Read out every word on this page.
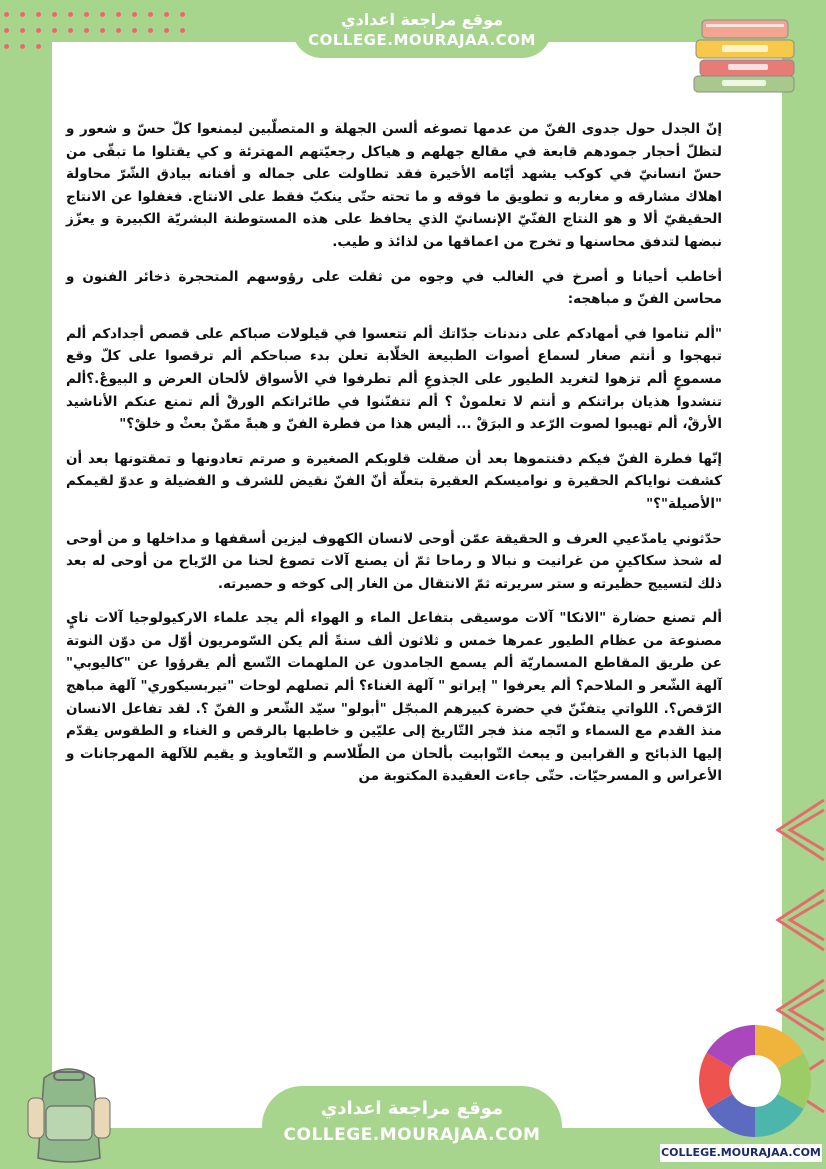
موقع مراجعة اعدادي
COLLEGE.MOURAJAA.COM

إنّ الجدل حول جدوى الفنّ من عدمها تصوغه ألسن الجهلة و المتصلّبين ليمنعوا كلّ حسّ و شعور و لتظلّ أحجار جمودهم قابعة في مقالع جهلهم و هياكل رجعيّتهم المهترئة و كي يقتلوا ما تبقّى من حسّ انسانيّ في كوكب يشهد أيّامه الأخيرة فقد تطاولت على جماله و أفنانه بيادق الشّرّ محاولة اهلاك مشارقه و مغاربه و تطويق ما فوقه و ما تحته حتّى ينكبّ فقط على الانتاج. فغفلوا عن الانتاج الحقيقيّ ألا و هو النتاج الفنّيّ الإنسانيّ الذي يحافظ على هذه المستوطنة البشريّة الكبيرة و يعزّز نبضها لتدفق محاسنها و تخرج من اعماقها من لذائذ و طيب.

أخاطب أحيانا و أصرخ في الغالب في وجوه من ثقلت على رؤوسهم المتحجرة ذخائر الفنون و محاسن الفنّ و مباهجه:

"ألم تناموا في أمهادكم على دندنات جدّاتك ألم تتعسوا في قيلولات صباكم على قصص أجدادكم ألم تبهجوا و أنتم صغار لسماع أصوات الطبيعة الخلّابة تعلن بدء صباحكم ألم ترقصوا على كلّ وقع مسموعٍ ألم تزهوا لتغريد الطيور على الجذوعِ ألم تطرفوا في الأسواق لألحان العرض و البيوعْ.؟ألم تنشدوا هذيان براتنكم و أنتم لا تعلمونْ ؟ ألم تتفنّنوا في طائراتكم الورقْ ألم تمنع عنكم الأناشيد الأرقْ، ألم تهيبوا لصوت الرّعد و البرَقْ ... أليس هذا من فطرة الفنّ و هبةً ممّنْ بعثْ و خلقْ؟"

إنّها فطرة الفنّ فيكم دفنتموها بعد أن صقلت قلوبكم الصغيرة و صرتم تعادونها و تمقتونها بعد أن كشفت نواياكم الحقيرة و نواميسكم العقيرة بتعلّة أنّ الفنّ نقيض للشرف و الفضيلة و عدوّ لقيمكم "الأصيلة"؟"

حدّثوني يامدّعيي العرف و الحقيقة عمّن أوحى لانسان الكهوف ليزين أسقفها و مداخلها و من أوحى له شحذ سكاكينٍ من غرانيت و نبالا و رماحا ثمّ أن يصنع آلات تصوغ لحنا من الرّياح من أوحى له بعد ذلك لتسييج حظيرته و ستر سريرته ثمّ الانتقال من الغار إلى كوخه و حصيرته.

ألم تصنع حضارة "الانكا" آلات موسيقى بتفاعل الماء و الهواء ألم يجد علماء الاركيولوجيا آلات نايٍ مصنوعة من عظام الطيور عمرها خمس و ثلاثون ألف سنةً ألم يكن السّومريون أوّل من دوّن النوتة عن طريق المقاطع المسماريّة ألم يسمع الجامدون عن الملهمات التّسع ألم يقرؤوا عن "كاليوبي" آلهة الشّعر و الملاحم؟ ألم يعرفوا " إيراتو " آلهة الغناء؟ ألم تصلهم لوحات "تيربسيكوري" آلهة مباهج الرّقص؟. اللواتي يتفنّنّ في حضرة كبيرهم المبجّل "أبولو" سيّد الشّعر و الفنّ ؟. لقد تفاعل الانسان منذ القدم مع السماء و اتّجه منذ فجر التّاريخ إلى عليّين و خاطبها بالرقص و الغناء و الطقوس يقدّم إليها الذبائح و القرابين و يبعث التّوابيت بألحان من الطّلاسم و التّعاويذ و يقيم للآلهة المهرجانات و الأعراس و المسرحيّات. حتّى جاءت العقيدة المكتوبة من

موقع مراجعة اعدادي
COLLEGE.MOURAJAA.COM
COLLEGE.MOURAJAA.COM
